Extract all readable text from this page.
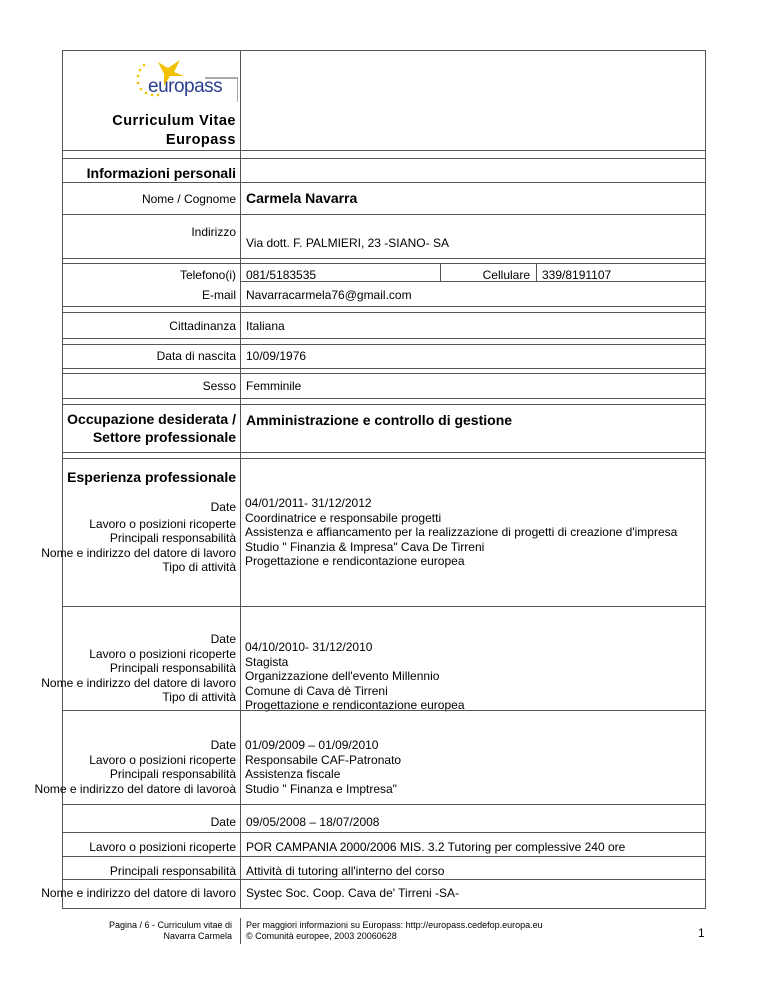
europass
Curriculum Vitae
Europass
Informazioni personali
Nome / Cognome Carmela Navarra
Indirizzo
Via dott. F. PALMIERI, 23 -SIANO- SA
Telefono(i) 081/5183535	Cellulare 339/8191107
E-mail Navarracarmela76@gmail.com
Cittadinanza Italiana
Data di nascita 10/09/1976
Sesso Femminile
Occupazione desiderata /
Settore professionale
Amministrazione e controllo di gestione
Esperienza professionale
Date
Lavoro o posizioni ricoperte
Principali responsabilità
Nome e indirizzo del datore di lavoro
Tipo di attività
04/01/2011- 31/12/2012
Coordinatrice e responsabile progetti
Assistenza e affiancamento per la realizzazione di progetti di creazione d'impresa
Studio " Finanzia & Impresa" Cava De Tirreni
Progettazione e rendicontazione europea
Date
Lavoro o posizioni ricoperte
Principali responsabilità
Nome e indirizzo del datore di lavoro
Tipo di attività
04/10/2010- 31/12/2010
Stagista
Organizzazione dell'evento Millennio
Comune di Cava dè Tirreni
Progettazione e rendicontazione europea
Date
Lavoro o posizioni ricoperte
Principali responsabilità
Nome e indirizzo del datore di lavoroà
01/09/2009 – 01/09/2010
Responsabile CAF-Patronato
Assistenza fiscale
Studio " Finanza e Imptresa"
Date 09/05/2008 – 18/07/2008
Lavoro o posizioni ricoperte POR CAMPANIA 2000/2006 MIS. 3.2 Tutoring per complessive 240 ore
Principali responsabilità Attività di tutoring all'interno del corso
Nome e indirizzo del datore di lavoro Systec Soc. Coop. Cava de' Tirreni -SA-
Pagina / 6 - Curriculum vitae di
Navarra Carmela
Per maggiori informazioni su Europass: http://europass.cedefop.europa.eu
© Comunità europee, 2003 20060628	1
